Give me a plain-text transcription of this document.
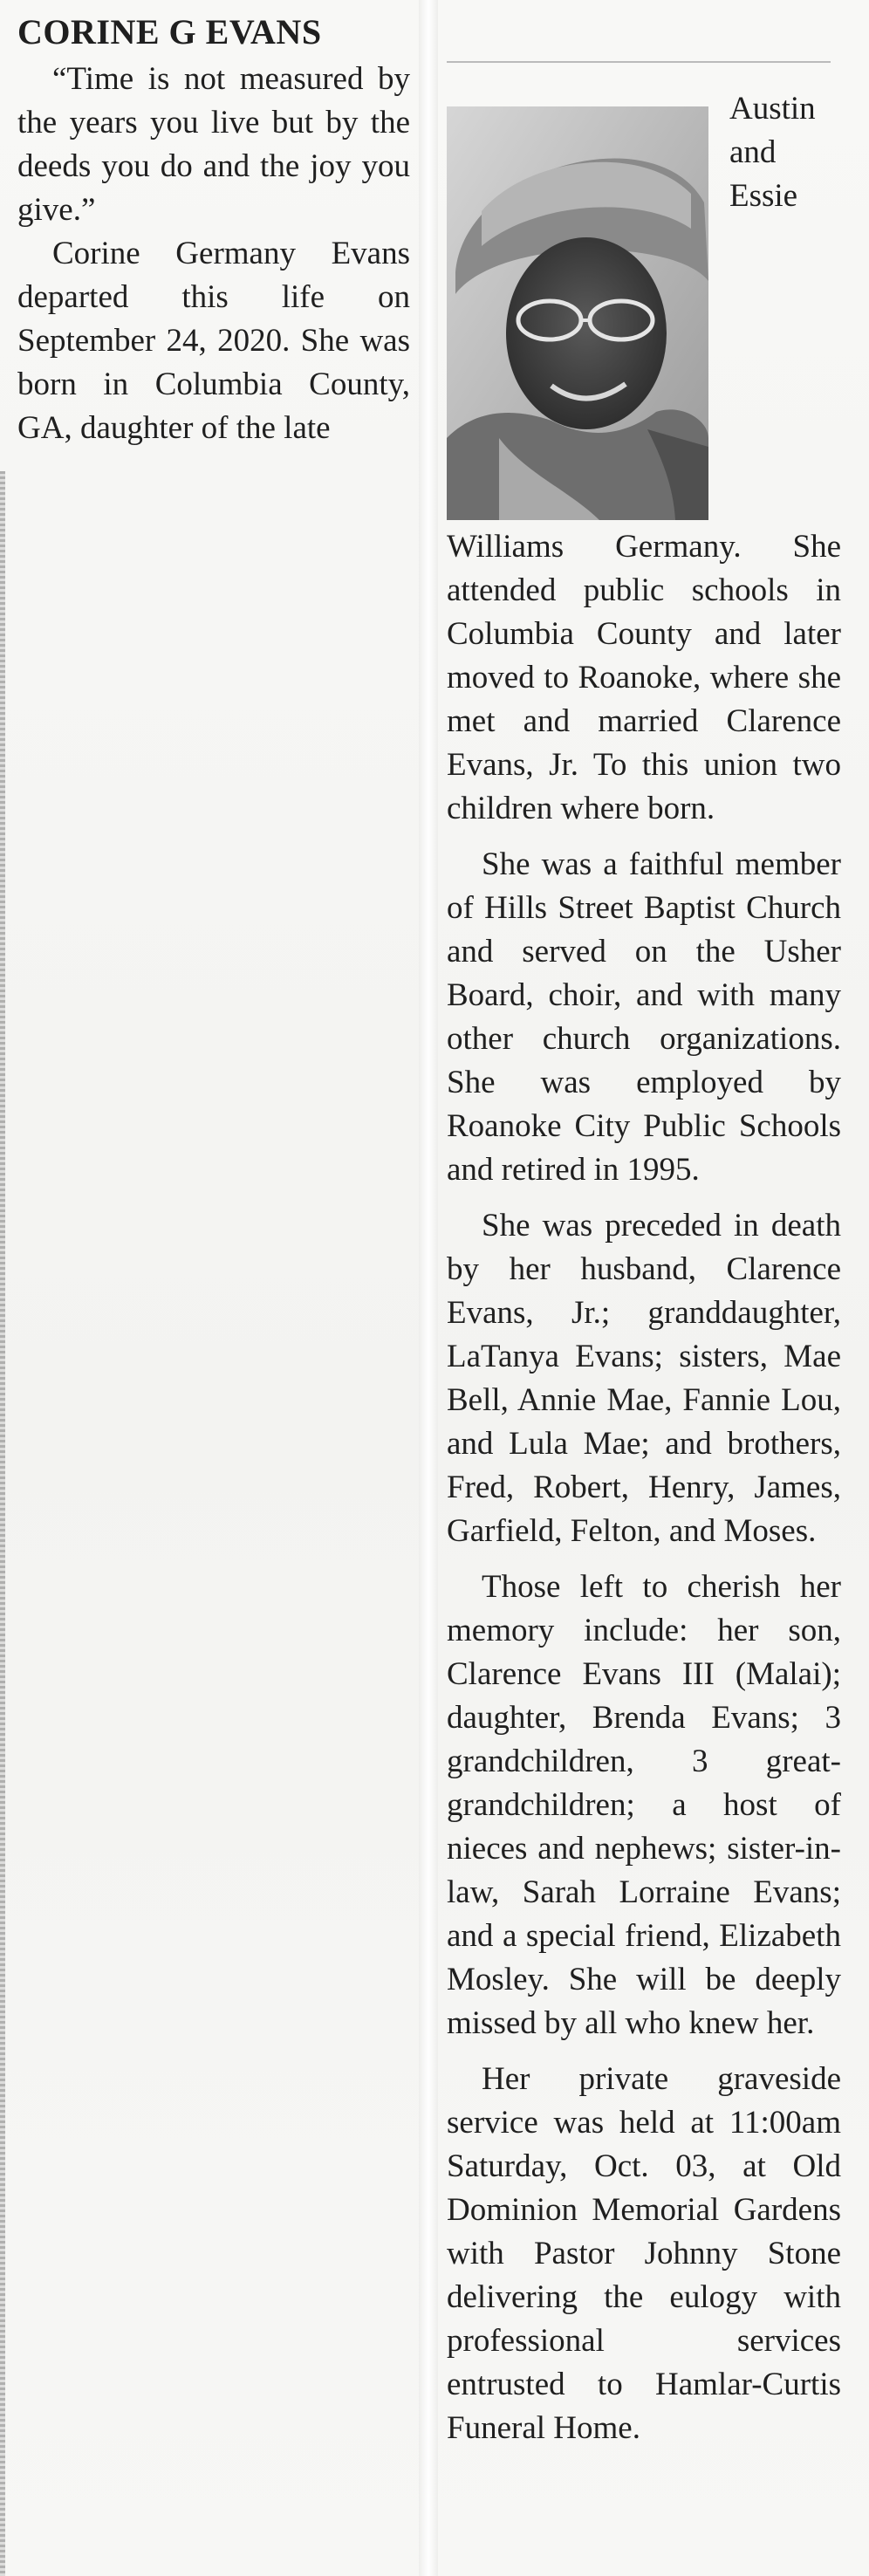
CORINE G EVANS

“Time is not measured by the years you live but by the deeds you do and the joy you give.”

Corine Germany Evans departed this life on September 24, 2020. She was born in Columbia County, GA, daughter of the late

Austin and Essie Williams Germany. She attended public schools in Columbia County and later moved to Roanoke, where she met and married Clarence Evans, Jr. To this union two children where born.

She was a faithful member of Hills Street Baptist Church and served on the Usher Board, choir, and with many other church organizations. She was employed by Roanoke City Public Schools and retired in 1995.

She was preceded in death by her husband, Clarence Evans, Jr.; granddaughter, LaTanya Evans; sisters, Mae Bell, Annie Mae, Fannie Lou, and Lula Mae; and brothers, Fred, Robert, Henry, James, Garfield, Felton, and Moses.

Those left to cherish her memory include: her son, Clarence Evans III (Malai); daughter, Brenda Evans; 3 grandchildren, 3 great-grandchildren; a host of nieces and nephews; sister-in-law, Sarah Lorraine Evans; and a special friend, Elizabeth Mosley. She will be deeply missed by all who knew her.

Her private graveside service was held at 11:00am Saturday, Oct. 03, at Old Dominion Memorial Gardens with Pastor Johnny Stone delivering the eulogy with professional services entrusted to Hamlar-Curtis Funeral Home.
